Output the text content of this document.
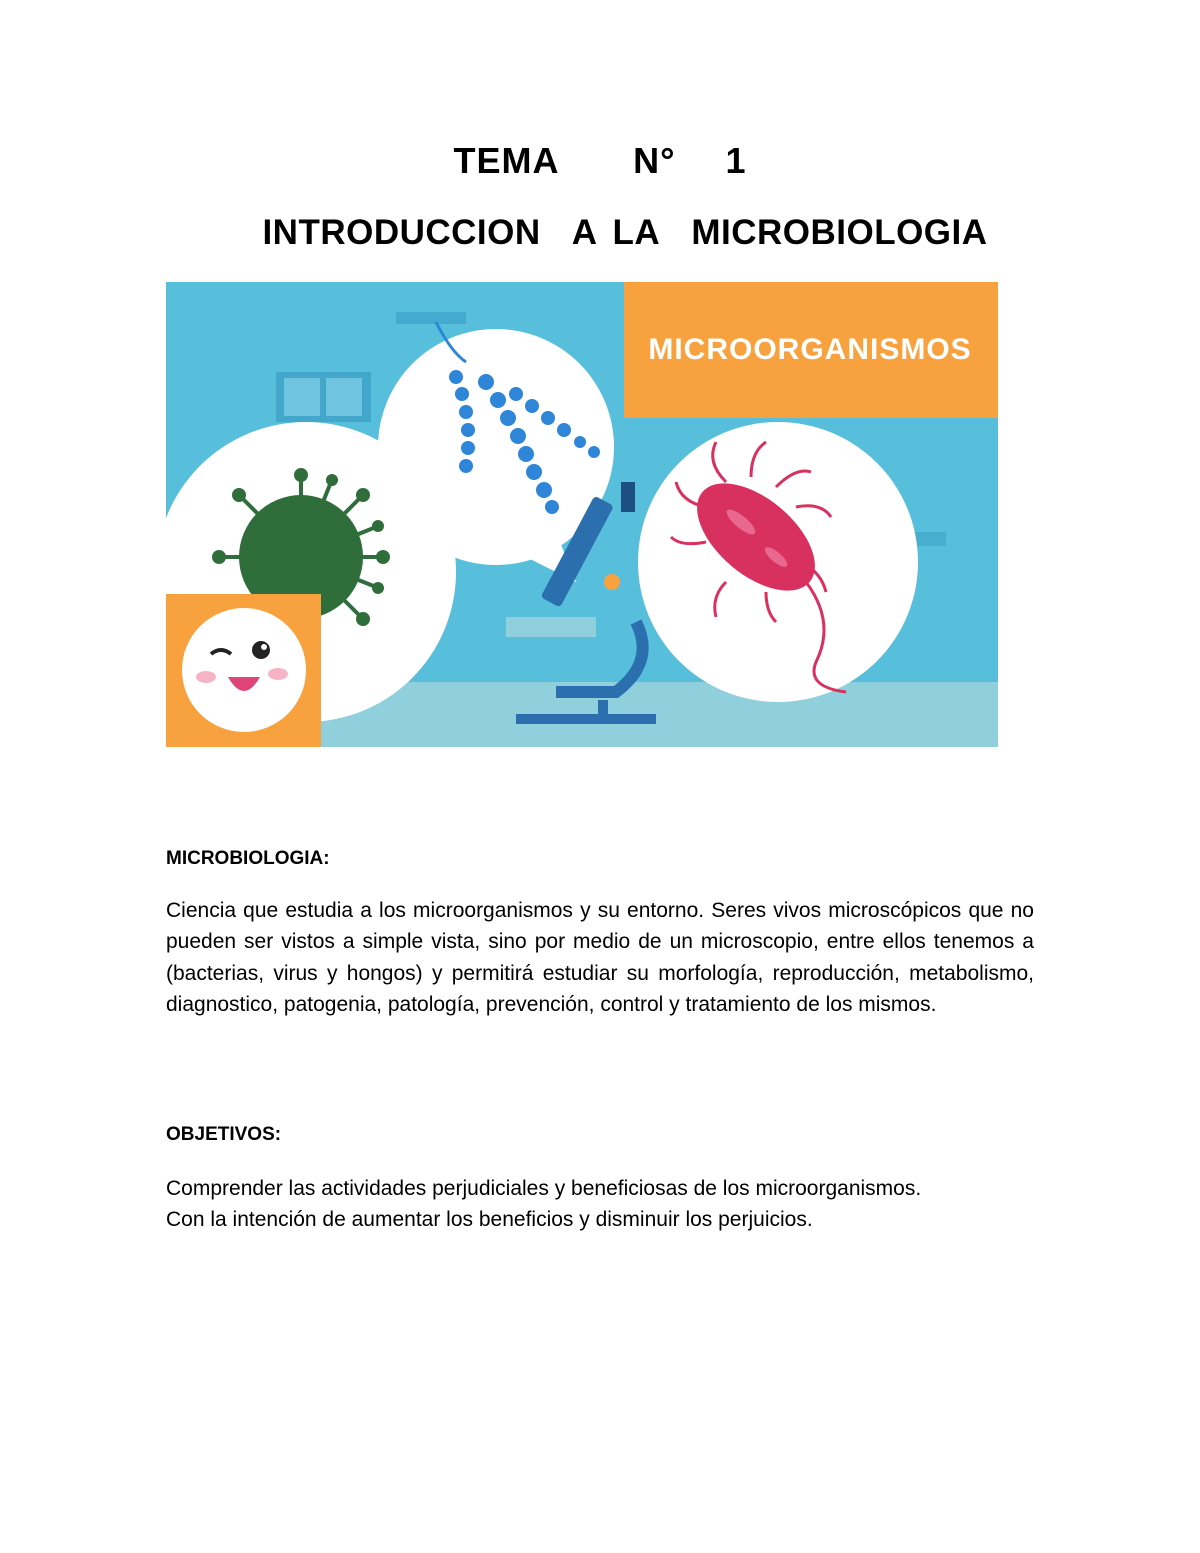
TEMA   N°  1
INTRODUCCION  A LA  MICROBIOLOGIA
MICROORGANISMOS
MICROBIOLOGIA:
Ciencia que estudia a los microorganismos y su entorno. Seres vivos microscópicos que no pueden ser vistos a simple vista, sino por medio de un microscopio, entre ellos tenemos a (bacterias, virus y hongos) y permitirá estudiar su morfología, reproducción, metabolismo, diagnostico, patogenia, patología, prevención, control y tratamiento de los mismos.
OBJETIVOS:
Comprender las actividades perjudiciales y beneficiosas de los microorganismos.
Con la intención de aumentar los beneficios y disminuir los perjuicios.
